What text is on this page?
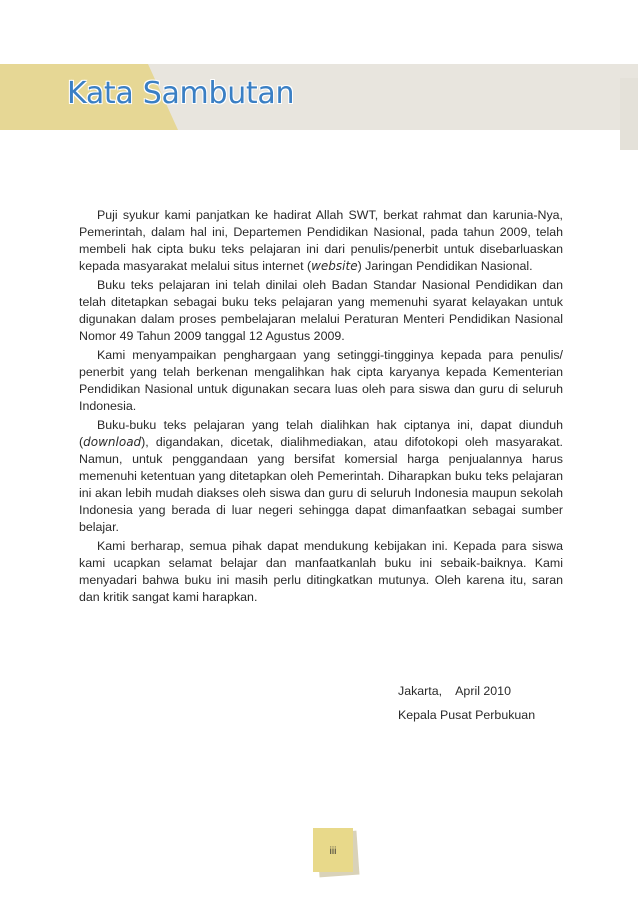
Kata Sambutan

Puji syukur kami panjatkan ke hadirat Allah SWT, berkat rahmat dan karunia-Nya, Pemerintah, dalam hal ini, Departemen Pendidikan Nasional, pada tahun 2009, telah membeli hak cipta buku teks pelajaran ini dari penulis/penerbit untuk disebarluaskan kepada masyarakat melalui situs internet (website) Jaringan Pendidikan Nasional.

Buku teks pelajaran ini telah dinilai oleh Badan Standar Nasional Pendidikan dan telah ditetapkan sebagai buku teks pelajaran yang memenuhi syarat kelayakan untuk digunakan dalam proses pembelajaran melalui Peraturan Menteri Pendidikan Nasional Nomor 49 Tahun 2009 tanggal 12 Agustus 2009.

Kami menyampaikan penghargaan yang setinggi-tingginya kepada para penulis/ penerbit yang telah berkenan mengalihkan hak cipta karyanya kepada Kementerian Pendidikan Nasional untuk digunakan secara luas oleh para siswa dan guru di seluruh Indonesia.

Buku-buku teks pelajaran yang telah dialihkan hak ciptanya ini, dapat diunduh (download), digandakan, dicetak, dialihmediakan, atau difotokopi oleh masyarakat. Namun, untuk penggandaan yang bersifat komersial harga penjualannya harus memenuhi ketentuan yang ditetapkan oleh Pemerintah. Diharapkan buku teks pelajaran ini akan lebih mudah diakses oleh siswa dan guru di seluruh Indonesia maupun sekolah Indonesia yang berada di luar negeri sehingga dapat dimanfaatkan sebagai sumber belajar.

Kami berharap, semua pihak dapat mendukung kebijakan ini. Kepada para siswa kami ucapkan selamat belajar dan manfaatkanlah buku ini sebaik-baiknya. Kami menyadari bahwa buku ini masih perlu ditingkatkan mutunya. Oleh karena itu, saran dan kritik sangat kami harapkan.

Jakarta,    April 2010
Kepala Pusat Perbukuan
iii
